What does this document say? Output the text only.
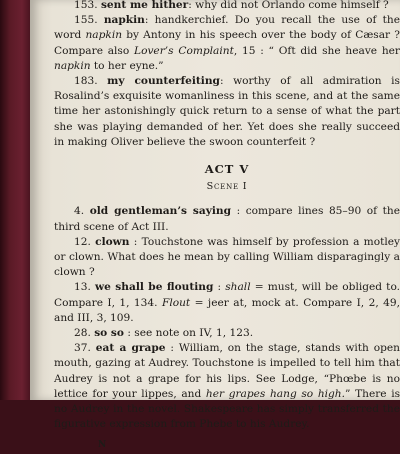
153. sent me hither: why did not Orlando come himself ?

155. napkin: handkerchief. Do you recall the use of the word napkin by Antony in his speech over the body of Cæsar ? Compare also Lover’s Complaint, 15 : “ Oft did she heave her napkin to her eyne.”

183. my counterfeiting: worthy of all admiration is Rosalind’s exquisite womanliness in this scene, and at the same time her astonishingly quick return to a sense of what the part she was playing demanded of her. Yet does she really succeed in making Oliver believe the swoon counterfeit ?

ACT V
Scene I

4. old gentleman’s saying : compare lines 85–90 of the third scene of Act III.

12. clown : Touchstone was himself by profession a motley or clown. What does he mean by calling William disparagingly a clown ?

13. we shall be flouting : shall = must, will be obliged to. Compare I, 1, 134. Flout = jeer at, mock at. Compare I, 2, 49, and III, 3, 109.

28. so so : see note on IV, 1, 123.

37. eat a grape : William, on the stage, stands with open mouth, gazing at Audrey. Touchstone is impelled to tell him that Audrey is not a grape for his lips. See Lodge, “Phœbe is no lettice for your lippes, and her grapes hang so high.” There is no Audrey in the novel. Shakespeare has simply transferred the figurative expression from Phebe to his Audrey.

N
